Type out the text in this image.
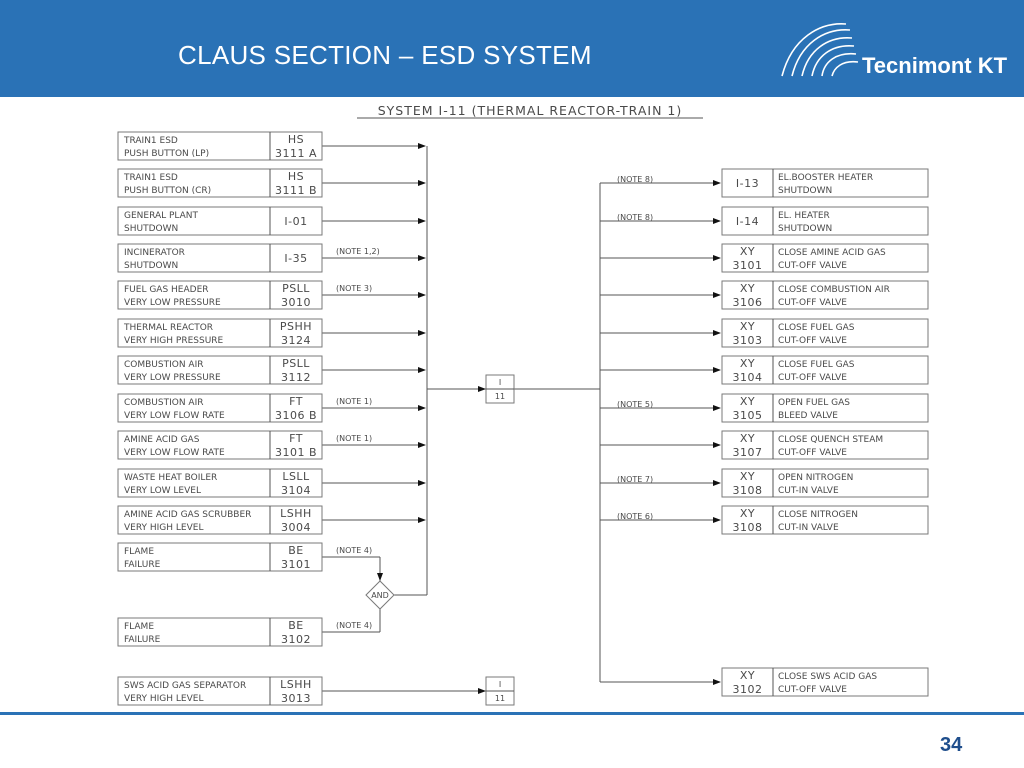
CLAUS SECTION – ESD SYSTEM	Tecnimont KT
TRAIN1 ESD
PUSH BUTTON (LP)
HS
3111 A
TRAIN1 ESD
PUSH BUTTON (CR)
HS
3111 B
GENERAL PLANT
SHUTDOWN
I-01
INCINERATOR
SHUTDOWN
I-35
(NOTE 1,2)
FUEL GAS HEADER
VERY LOW PRESSURE
PSLL
3010
(NOTE 3)
THERMAL REACTOR
VERY HIGH PRESSURE
PSHH
3124
COMBUSTION AIR
VERY LOW PRESSURE
PSLL
3112
COMBUSTION AIR
VERY LOW FLOW RATE
FT
3106 B
(NOTE 1)
AMINE ACID GAS
VERY LOW FLOW RATE
FT
3101 B
(NOTE 1)
WASTE HEAT BOILER
VERY LOW LEVEL
LSLL
3104
AMINE ACID GAS SCRUBBER
VERY HIGH LEVEL
LSHH
3004
FLAME
FAILURE
BE
3101
(NOTE 4)
FLAME
FAILURE
BE
3102
(NOTE 4)
SWS ACID GAS SEPARATOR
VERY HIGH LEVEL
LSHH
3013
I-13 EL.BOOSTER HEATER
SHUTDOWN
(NOTE 8)
I-14 EL. HEATER
SHUTDOWN
(NOTE 8)
XY
3101
CLOSE AMINE ACID GAS
CUT-OFF VALVE
XY
3106
CLOSE COMBUSTION AIR
CUT-OFF VALVE
XY
3103
CLOSE FUEL GAS
CUT-OFF VALVE
XY
3104
CLOSE FUEL GAS
CUT-OFF VALVE
XY
3105
OPEN FUEL GAS
BLEED VALVE
(NOTE 5)
XY
3107
CLOSE QUENCH STEAM
CUT-OFF VALVE
XY
3108
OPEN NITROGEN
CUT-IN VALVE
(NOTE 7)
XY
3108
CLOSE NITROGEN
CUT-IN VALVE
(NOTE 6)
XY
3102
CLOSE SWS ACID GAS
CUT-OFF VALVE
AND
I
11
I
11
SYSTEM I-11 (THERMAL REACTOR-TRAIN 1)
34
